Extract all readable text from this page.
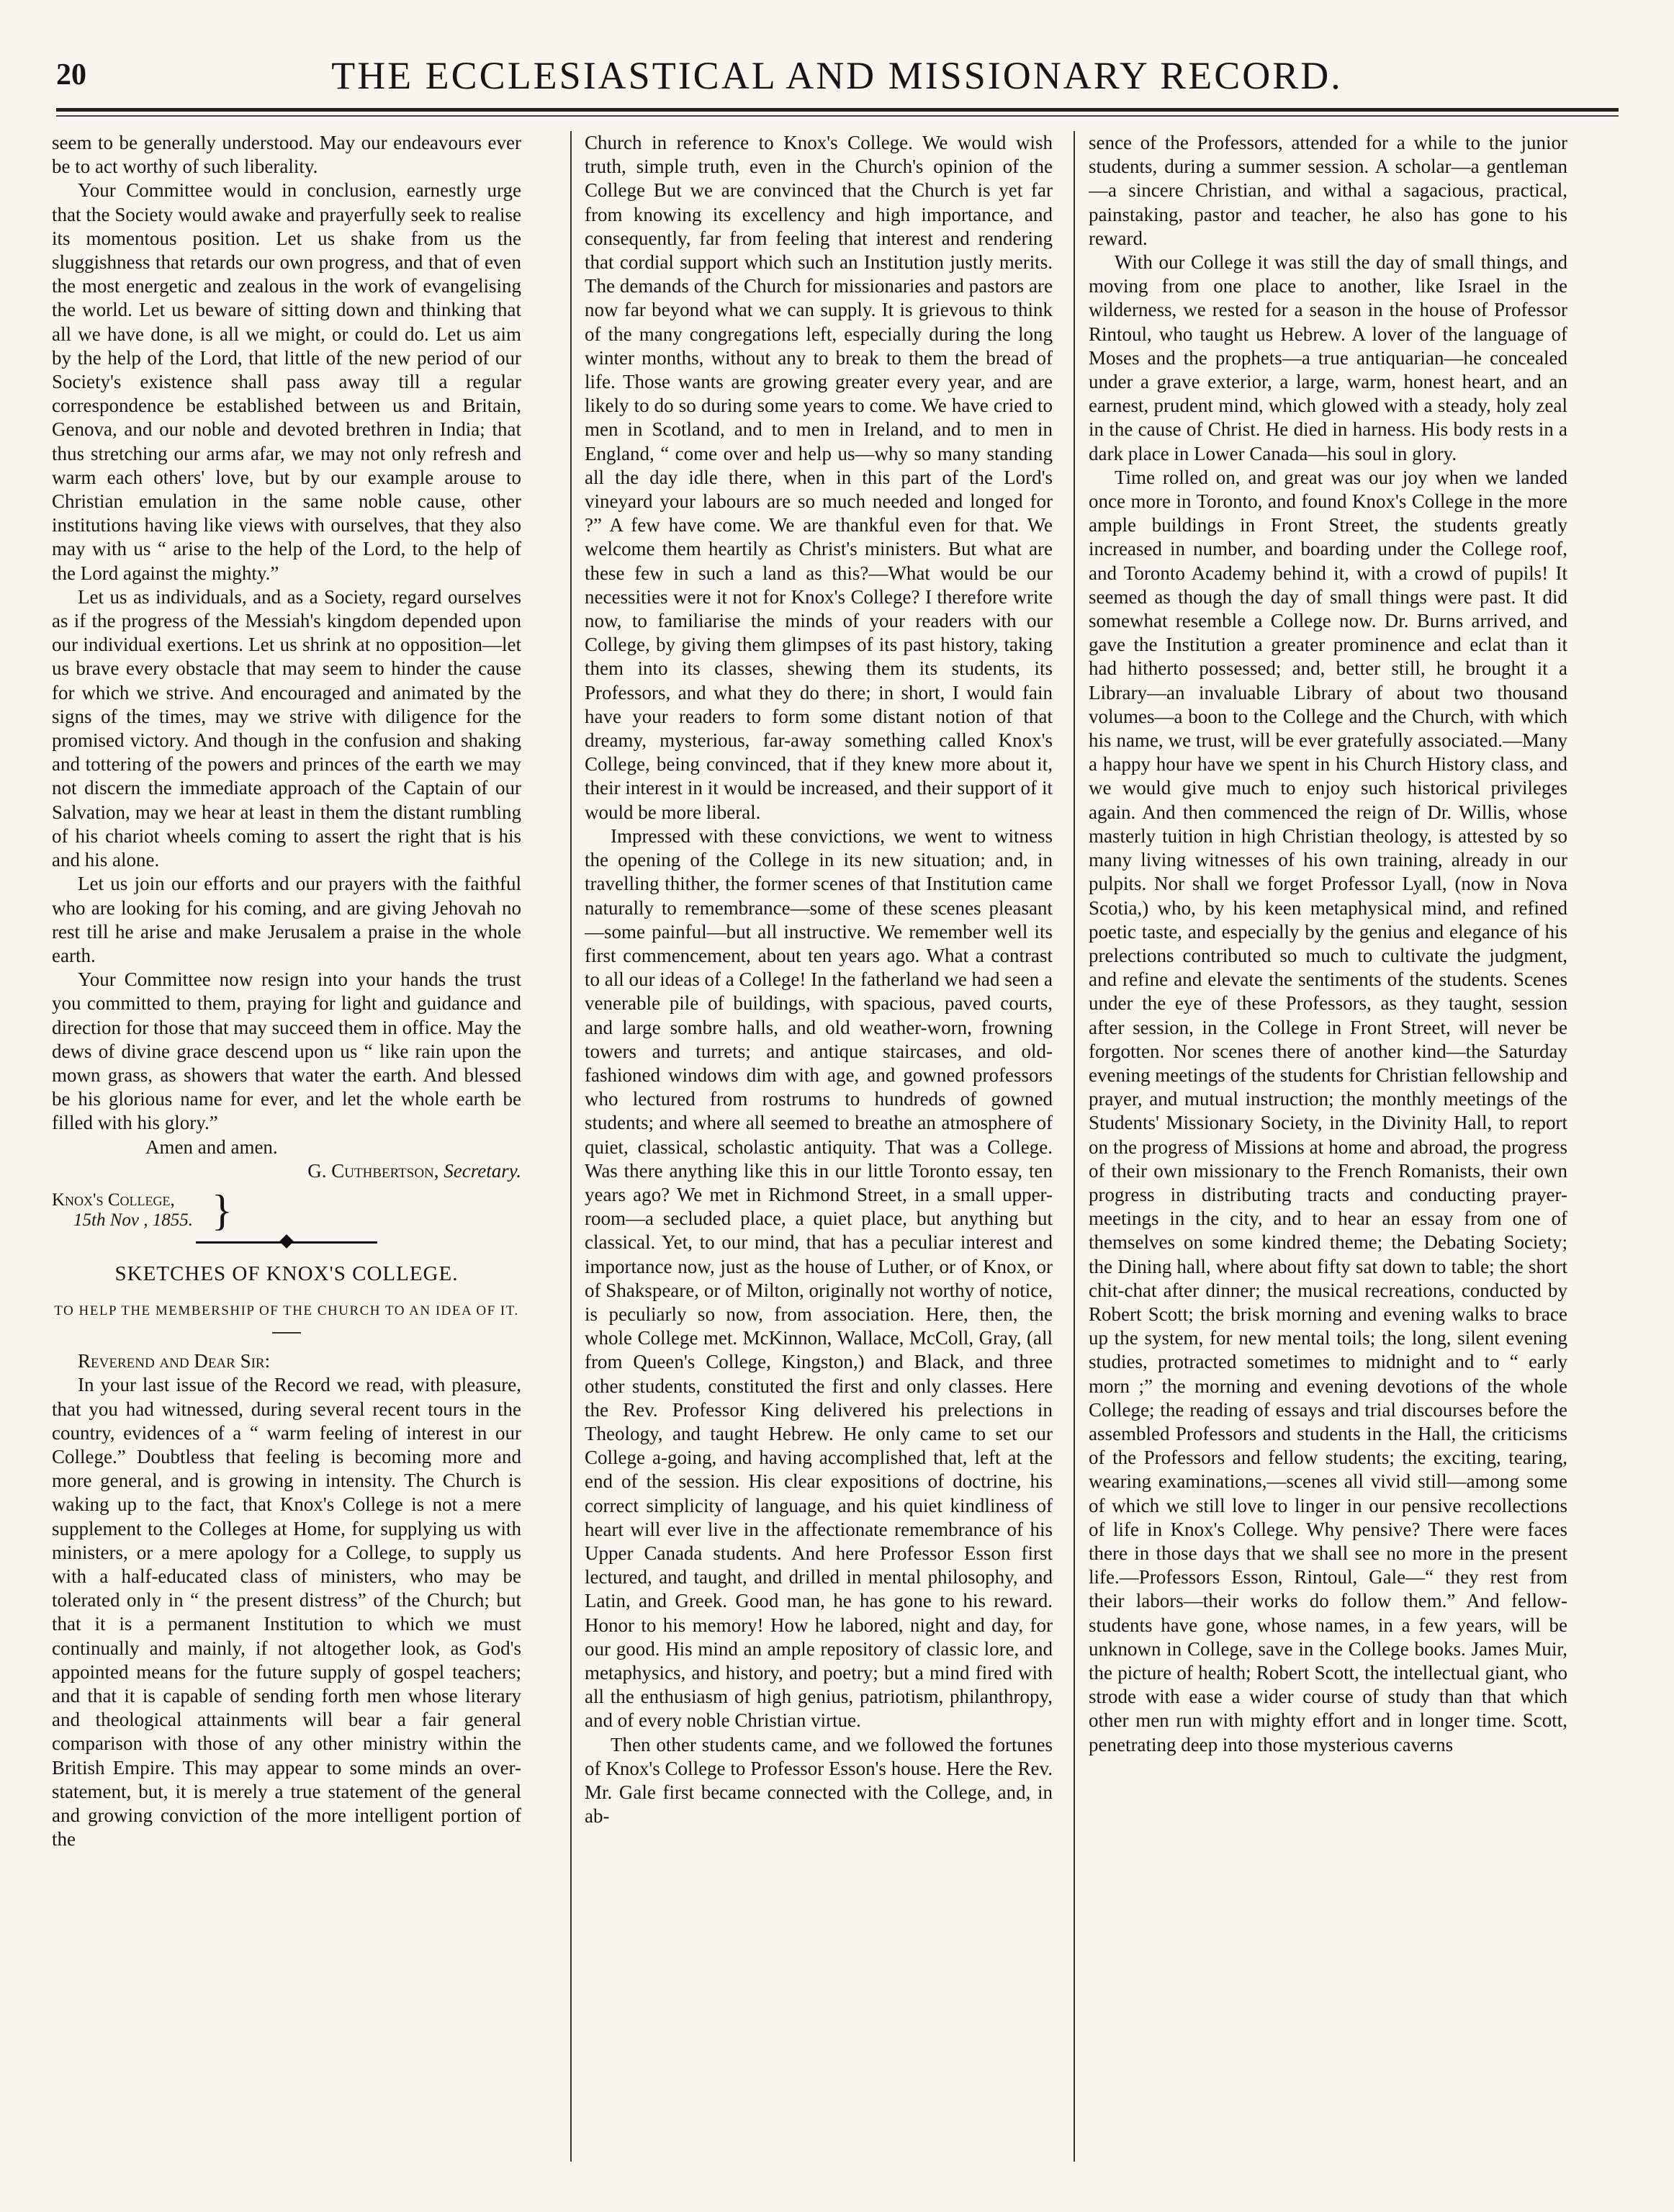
20	THE ECCLESIASTICAL AND MISSIONARY RECORD.

seem to be generally understood. May our endeavours ever be to act worthy of such liberality.

Your Committee would in conclusion, earnestly urge that the Society would awake and prayerfully seek to realise its momentous position. Let us shake from us the sluggishness that retards our own progress, and that of even the most energetic and zealous in the work of evangelising the world. Let us beware of sitting down and thinking that all we have done, is all we might, or could do. Let us aim by the help of the Lord, that little of the new period of our Society's existence shall pass away till a regular correspondence be established between us and Britain, Genova, and our noble and devoted brethren in India; that thus stretching our arms afar, we may not only refresh and warm each others' love, but by our example arouse to Christian emulation in the same noble cause, other institutions having like views with ourselves, that they also may with us “ arise to the help of the Lord, to the help of the Lord against the mighty.”

Let us as individuals, and as a Society, regard ourselves as if the progress of the Messiah's kingdom depended upon our individual exertions. Let us shrink at no opposition—let us brave every obstacle that may seem to hinder the cause for which we strive. And encouraged and animated by the signs of the times, may we strive with diligence for the promised victory. And though in the confusion and shaking and tottering of the powers and princes of the earth we may not discern the immediate approach of the Captain of our Salvation, may we hear at least in them the distant rumbling of his chariot wheels coming to assert the right that is his and his alone.

Let us join our efforts and our prayers with the faithful who are looking for his coming, and are giving Jehovah no rest till he arise and make Jerusalem a praise in the whole earth.

Your Committee now resign into your hands the trust you committed to them, praying for light and guidance and direction for those that may succeed them in office. May the dews of divine grace descend upon us “ like rain upon the mown grass, as showers that water the earth. And blessed be his glorious name for ever, and let the whole earth be filled with his glory.”

Amen and amen.

G. Cuthbertson, Secretary.

Knox's College,
15th Nov , 1855. }
SKETCHES OF KNOX'S COLLEGE.
TO HELP THE MEMBERSHIP OF THE CHURCH TO AN IDEA OF IT.

Reverend and Dear Sir:

In your last issue of the Record we read, with pleasure, that you had witnessed, during several recent tours in the country, evidences of a “ warm feeling of interest in our College.” Doubtless that feeling is becoming more and more general, and is growing in intensity. The Church is waking up to the fact, that Knox's College is not a mere supplement to the Colleges at Home, for supplying us with ministers, or a mere apology for a College, to supply us with a half-educated class of ministers, who may be tolerated only in “ the present distress” of the Church; but that it is a permanent Institution to which we must continually and mainly, if not altogether look, as God's appointed means for the future supply of gospel teachers; and that it is capable of sending forth men whose literary and theological attainments will bear a fair general comparison with those of any other ministry within the British Empire. This may appear to some minds an over-statement, but, it is merely a true statement of the general and growing conviction of the more intelligent portion of the

Church in reference to Knox's College. We would wish truth, simple truth, even in the Church's opinion of the College But we are convinced that the Church is yet far from knowing its excellency and high importance, and consequently, far from feeling that interest and rendering that cordial support which such an Institution justly merits. The demands of the Church for missionaries and pastors are now far beyond what we can supply. It is grievous to think of the many congregations left, especially during the long winter months, without any to break to them the bread of life. Those wants are growing greater every year, and are likely to do so during some years to come. We have cried to men in Scotland, and to men in Ireland, and to men in England, “ come over and help us—why so many standing all the day idle there, when in this part of the Lord's vineyard your labours are so much needed and longed for ?” A few have come. We are thankful even for that. We welcome them heartily as Christ's ministers. But what are these few in such a land as this?—What would be our necessities were it not for Knox's College? I therefore write now, to familiarise the minds of your readers with our College, by giving them glimpses of its past history, taking them into its classes, shewing them its students, its Professors, and what they do there; in short, I would fain have your readers to form some distant notion of that dreamy, mysterious, far-away something called Knox's College, being convinced, that if they knew more about it, their interest in it would be increased, and their support of it would be more liberal.

Impressed with these convictions, we went to witness the opening of the College in its new situation; and, in travelling thither, the former scenes of that Institution came naturally to remembrance—some of these scenes pleasant—some painful—but all instructive. We remember well its first commencement, about ten years ago. What a contrast to all our ideas of a College! In the fatherland we had seen a venerable pile of buildings, with spacious, paved courts, and large sombre halls, and old weather-worn, frowning towers and turrets; and antique staircases, and old-fashioned windows dim with age, and gowned professors who lectured from rostrums to hundreds of gowned students; and where all seemed to breathe an atmosphere of quiet, classical, scholastic antiquity. That was a College. Was there anything like this in our little Toronto essay, ten years ago? We met in Richmond Street, in a small upper-room—a secluded place, a quiet place, but anything but classical. Yet, to our mind, that has a peculiar interest and importance now, just as the house of Luther, or of Knox, or of Shakspeare, or of Milton, originally not worthy of notice, is peculiarly so now, from association. Here, then, the whole College met. McKinnon, Wallace, McColl, Gray, (all from Queen's College, Kingston,) and Black, and three other students, constituted the first and only classes. Here the Rev. Professor King delivered his prelections in Theology, and taught Hebrew. He only came to set our College a-going, and having accomplished that, left at the end of the session. His clear expositions of doctrine, his correct simplicity of language, and his quiet kindliness of heart will ever live in the affectionate remembrance of his Upper Canada students. And here Professor Esson first lectured, and taught, and drilled in mental philosophy, and Latin, and Greek. Good man, he has gone to his reward. Honor to his memory! How he labored, night and day, for our good. His mind an ample repository of classic lore, and metaphysics, and history, and poetry; but a mind fired with all the enthusiasm of high genius, patriotism, philanthropy, and of every noble Christian virtue.

Then other students came, and we followed the fortunes of Knox's College to Professor Esson's house. Here the Rev. Mr. Gale first became connected with the College, and, in ab-

sence of the Professors, attended for a while to the junior students, during a summer session. A scholar—a gentleman—a sincere Christian, and withal a sagacious, practical, painstaking, pastor and teacher, he also has gone to his reward.

With our College it was still the day of small things, and moving from one place to another, like Israel in the wilderness, we rested for a season in the house of Professor Rintoul, who taught us Hebrew. A lover of the language of Moses and the prophets—a true antiquarian—he concealed under a grave exterior, a large, warm, honest heart, and an earnest, prudent mind, which glowed with a steady, holy zeal in the cause of Christ. He died in harness. His body rests in a dark place in Lower Canada—his soul in glory.

Time rolled on, and great was our joy when we landed once more in Toronto, and found Knox's College in the more ample buildings in Front Street, the students greatly increased in number, and boarding under the College roof, and Toronto Academy behind it, with a crowd of pupils! It seemed as though the day of small things were past. It did somewhat resemble a College now. Dr. Burns arrived, and gave the Institution a greater prominence and eclat than it had hitherto possessed; and, better still, he brought it a Library—an invaluable Library of about two thousand volumes—a boon to the College and the Church, with which his name, we trust, will be ever gratefully associated.—Many a happy hour have we spent in his Church History class, and we would give much to enjoy such historical privileges again. And then commenced the reign of Dr. Willis, whose masterly tuition in high Christian theology, is attested by so many living witnesses of his own training, already in our pulpits. Nor shall we forget Professor Lyall, (now in Nova Scotia,) who, by his keen metaphysical mind, and refined poetic taste, and especially by the genius and elegance of his prelections contributed so much to cultivate the judgment, and refine and elevate the sentiments of the students. Scenes under the eye of these Professors, as they taught, session after session, in the College in Front Street, will never be forgotten. Nor scenes there of another kind—the Saturday evening meetings of the students for Christian fellowship and prayer, and mutual instruction; the monthly meetings of the Students' Missionary Society, in the Divinity Hall, to report on the progress of Missions at home and abroad, the progress of their own missionary to the French Romanists, their own progress in distributing tracts and conducting prayer-meetings in the city, and to hear an essay from one of themselves on some kindred theme; the Debating Society; the Dining hall, where about fifty sat down to table; the short chit-chat after dinner; the musical recreations, conducted by Robert Scott; the brisk morning and evening walks to brace up the system, for new mental toils; the long, silent evening studies, protracted sometimes to midnight and to “ early morn ;” the morning and evening devotions of the whole College; the reading of essays and trial discourses before the assembled Professors and students in the Hall, the criticisms of the Professors and fellow students; the exciting, tearing, wearing examinations,—scenes all vivid still—among some of which we still love to linger in our pensive recollections of life in Knox's College. Why pensive? There were faces there in those days that we shall see no more in the present life.—Professors Esson, Rintoul, Gale—“ they rest from their labors—their works do follow them.” And fellow-students have gone, whose names, in a few years, will be unknown in College, save in the College books. James Muir, the picture of health; Robert Scott, the intellectual giant, who strode with ease a wider course of study than that which other men run with mighty effort and in longer time. Scott, penetrating deep into those mysterious caverns
